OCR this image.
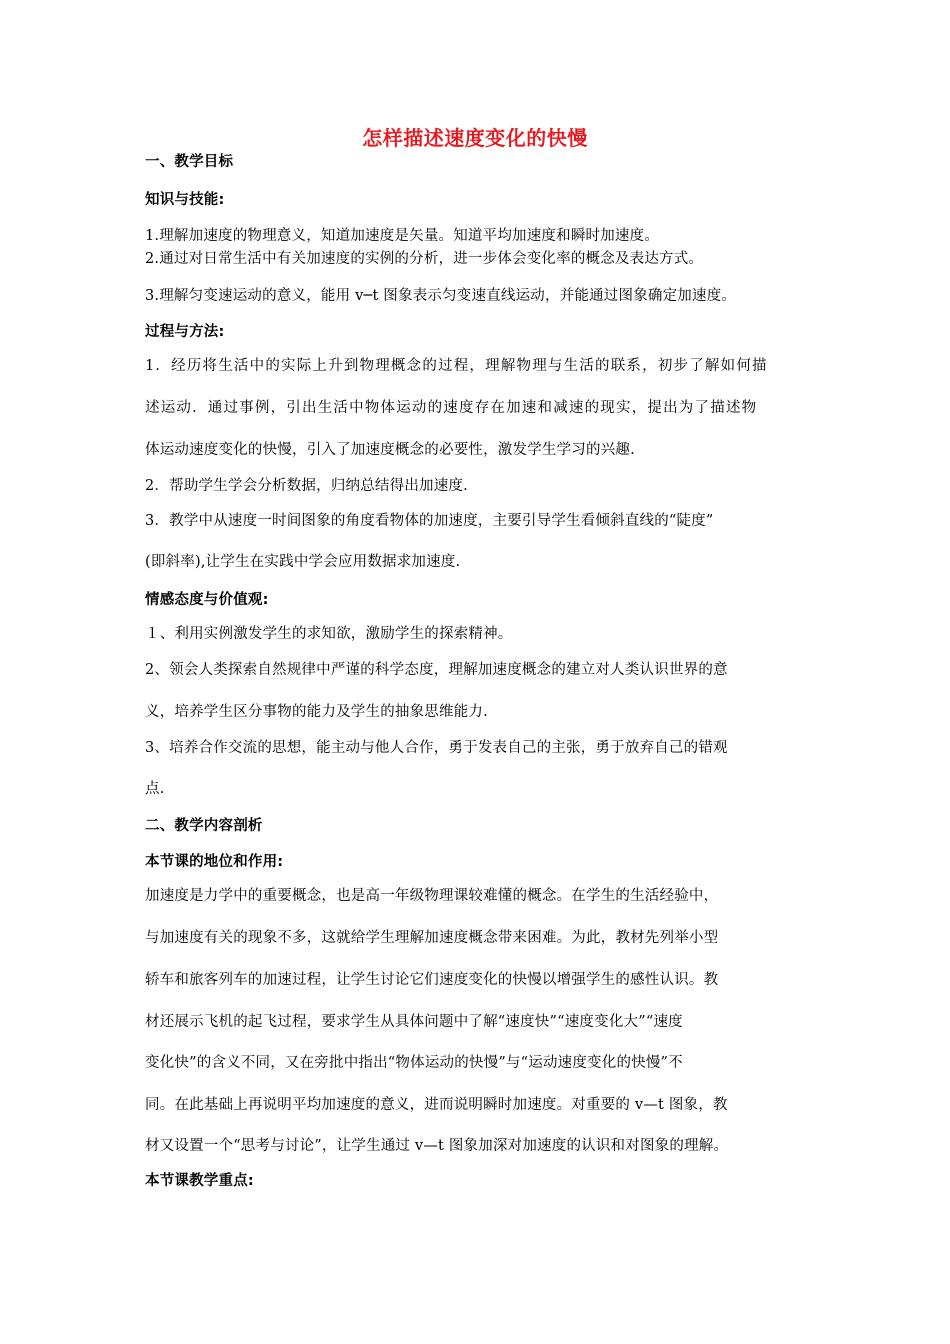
怎样描述速度变化的快慢
一、教学目标
知识与技能:
1.理解加速度的物理意义，知道加速度是矢量。知道平均加速度和瞬时加速度。
2.通过对日常生活中有关加速度的实例的分析，进一步体会变化率的概念及表达方式。
3.理解匀变速运动的意义，能用 v─t 图象表示匀变速直线运动，并能通过图象确定加速度。
过程与方法:
1．经历将生活中的实际上升到物理概念的过程，理解物理与生活的联系，初步了解如何描
述运动．通过事例，引出生活中物体运动的速度存在加速和减速的现实，提出为了描述物
体运动速度变化的快慢，引入了加速度概念的必要性，激发学生学习的兴趣.
2．帮助学生学会分析数据，归纳总结得出加速度.
3．教学中从速度一时间图象的角度看物体的加速度，主要引导学生看倾斜直线的“陡度”
(即斜率),让学生在实践中学会应用数据求加速度.
情感态度与价值观:
１、利用实例激发学生的求知欲，激励学生的探索精神。
2、领会人类探索自然规律中严谨的科学态度，理解加速度概念的建立对人类认识世界的意
义，培养学生区分事物的能力及学生的抽象思维能力.
3、培养合作交流的思想，能主动与他人合作，勇于发表自己的主张，勇于放弃自己的错观
点.
二、教学内容剖析
本节课的地位和作用:
加速度是力学中的重要概念，也是高一年级物理课较难懂的概念。在学生的生活经验中，
与加速度有关的现象不多，这就给学生理解加速度概念带来困难。为此，教材先列举小型
轿车和旅客列车的加速过程，让学生讨论它们速度变化的快慢以增强学生的感性认识。教
材还展示飞机的起飞过程，要求学生从具体问题中了解“速度快”“速度变化大”“速度
变化快”的含义不同，又在旁批中指出“物体运动的快慢”与“运动速度变化的快慢”不
同。在此基础上再说明平均加速度的意义，进而说明瞬时加速度。对重要的 v—t 图象，教
材又设置一个“思考与讨论”，让学生通过 v—t 图象加深对加速度的认识和对图象的理解。
本节课教学重点:
